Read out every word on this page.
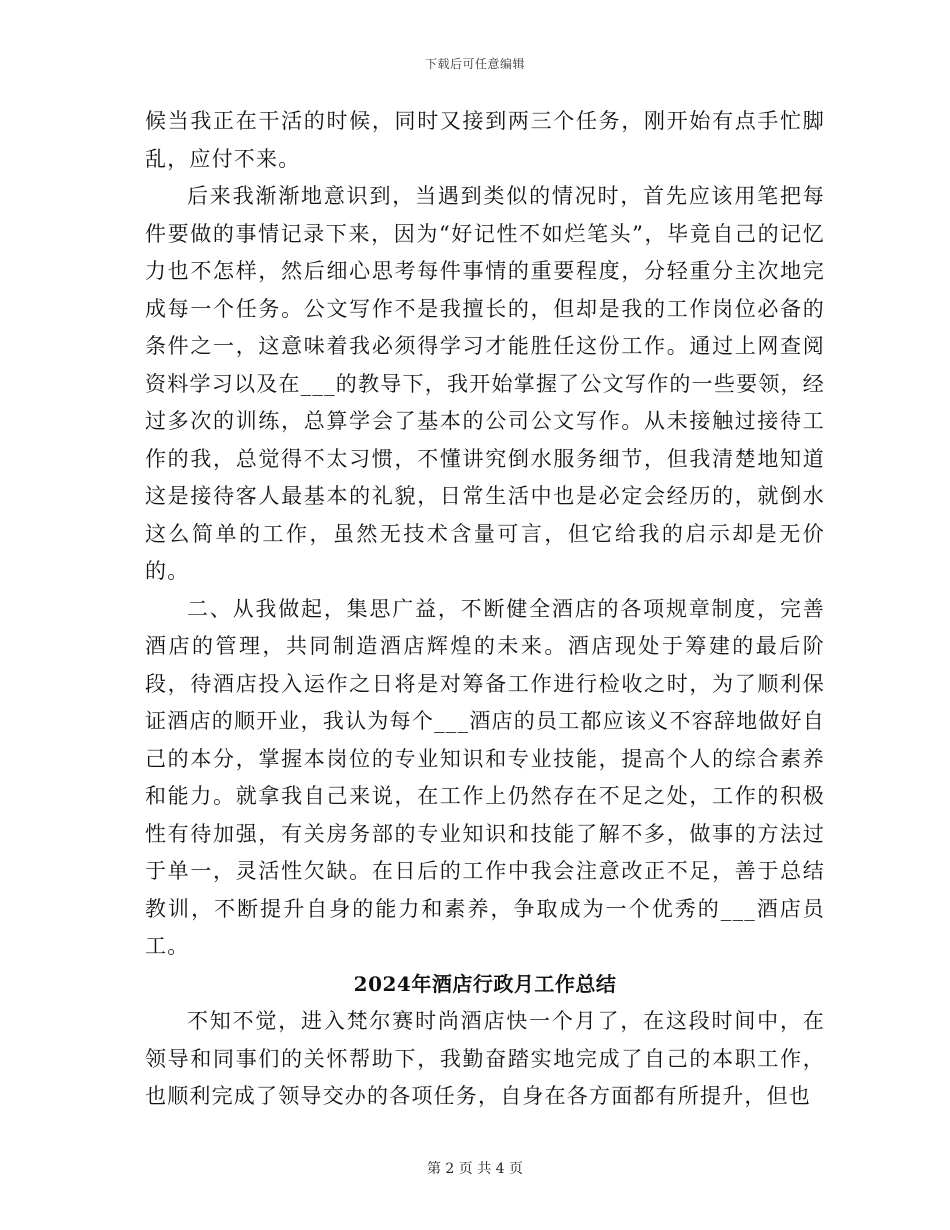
下载后可任意编辑

候当我正在干活的时候，同时又接到两三个任务，刚开始有点手忙脚乱，应付不来。

后来我渐渐地意识到，当遇到类似的情况时，首先应该用笔把每件要做的事情记录下来，因为“好记性不如烂笔头”，毕竟自己的记忆力也不怎样，然后细心思考每件事情的重要程度，分轻重分主次地完成每一个任务。公文写作不是我擅长的，但却是我的工作岗位必备的条件之一，这意味着我必须得学习才能胜任这份工作。通过上网查阅资料学习以及在___的教导下，我开始掌握了公文写作的一些要领，经过多次的训练，总算学会了基本的公司公文写作。从未接触过接待工作的我，总觉得不太习惯，不懂讲究倒水服务细节，但我清楚地知道这是接待客人最基本的礼貌，日常生活中也是必定会经历的，就倒水这么简单的工作，虽然无技术含量可言，但它给我的启示却是无价的。

二、从我做起，集思广益，不断健全酒店的各项规章制度，完善酒店的管理，共同制造酒店辉煌的未来。酒店现处于筹建的最后阶段，待酒店投入运作之日将是对筹备工作进行检收之时，为了顺利保证酒店的顺开业，我认为每个___酒店的员工都应该义不容辞地做好自己的本分，掌握本岗位的专业知识和专业技能，提高个人的综合素养和能力。就拿我自己来说，在工作上仍然存在不足之处，工作的积极性有待加强，有关房务部的专业知识和技能了解不多，做事的方法过于单一，灵活性欠缺。在日后的工作中我会注意改正不足，善于总结教训，不断提升自身的能力和素养，争取成为一个优秀的___酒店员工。

2024年酒店行政月工作总结

不知不觉，进入梵尔赛时尚酒店快一个月了，在这段时间中，在领导和同事们的关怀帮助下，我勤奋踏实地完成了自己的本职工作，也顺利完成了领导交办的各项任务，自身在各方面都有所提升，但也

第 2 页 共 4 页
